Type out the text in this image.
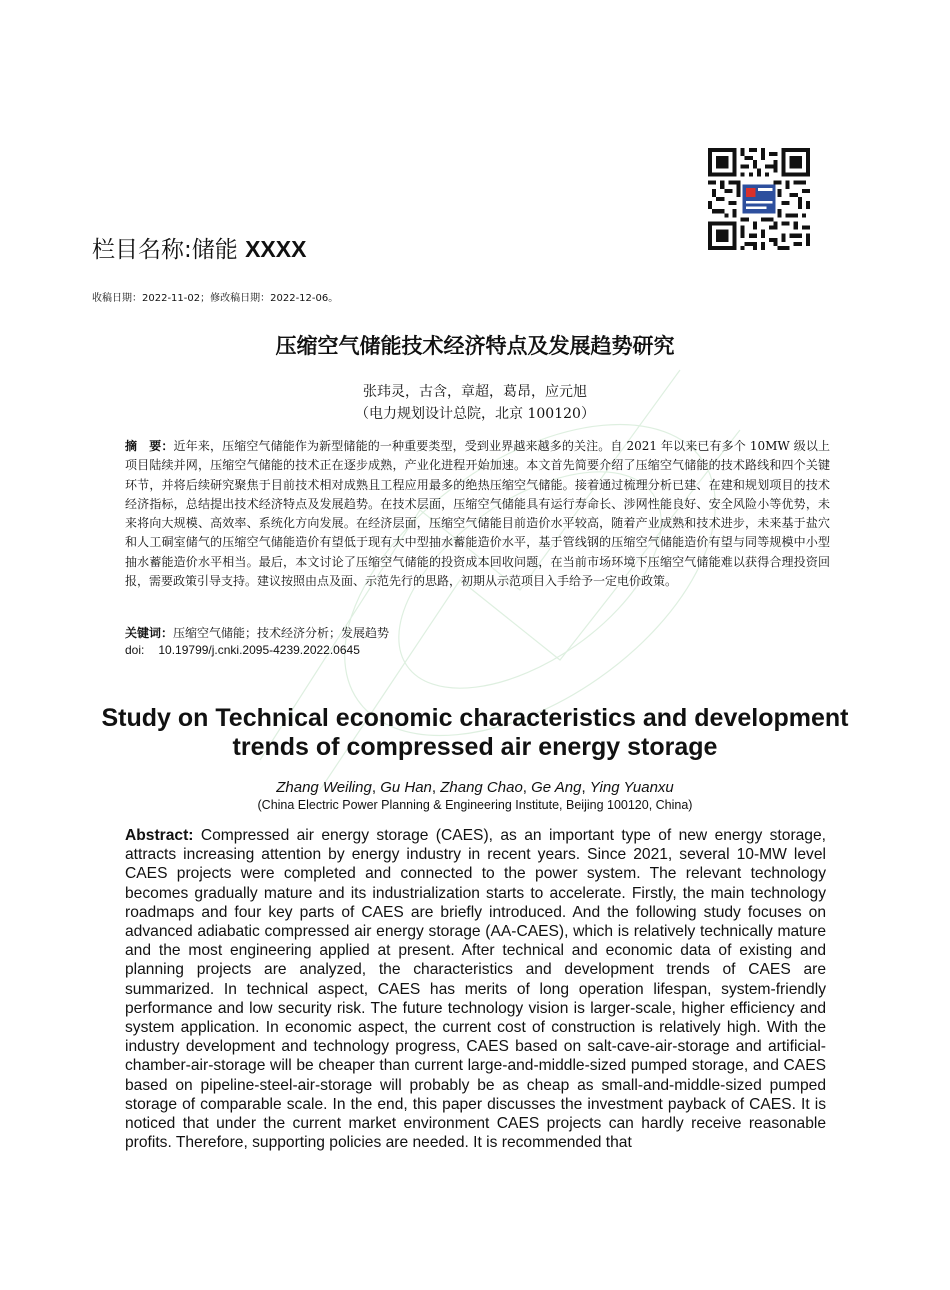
栏目名称:储能 XXXX
收稿日期：2022-11-02；修改稿日期：2022-12-06。
压缩空气储能技术经济特点及发展趋势研究
张玮灵，古含，章超，葛昂，应元旭
（电力规划设计总院，北京 100120）
摘　要：近年来，压缩空气储能作为新型储能的一种重要类型，受到业界越来越多的关注。自 2021 年以来已有多个 10MW 级以上项目陆续并网，压缩空气储能的技术正在逐步成熟，产业化进程开始加速。本文首先简要介绍了压缩空气储能的技术路线和四个关键环节，并将后续研究聚焦于目前技术相对成熟且工程应用最多的绝热压缩空气储能。接着通过梳理分析已建、在建和规划项目的技术经济指标，总结提出技术经济特点及发展趋势。在技术层面，压缩空气储能具有运行寿命长、涉网性能良好、安全风险小等优势，未来将向大规模、高效率、系统化方向发展。在经济层面，压缩空气储能目前造价水平较高，随着产业成熟和技术进步，未来基于盐穴和人工硐室储气的压缩空气储能造价有望低于现有大中型抽水蓄能造价水平，基于管线钢的压缩空气储能造价有望与同等规模中小型抽水蓄能造价水平相当。最后，本文讨论了压缩空气储能的投资成本回收问题，在当前市场环境下压缩空气储能难以获得合理投资回报，需要政策引导支持。建议按照由点及面、示范先行的思路，初期从示范项目入手给予一定电价政策。
关键词：压缩空气储能；技术经济分析；发展趋势
doi: 10.19799/j.cnki.2095-4239.2022.0645
Study on Technical economic characteristics and development trends of compressed air energy storage
Zhang Weiling, Gu Han, Zhang Chao, Ge Ang, Ying Yuanxu
(China Electric Power Planning & Engineering Institute, Beijing 100120, China)
Abstract: Compressed air energy storage (CAES), as an important type of new energy storage, attracts increasing attention by energy industry in recent years. Since 2021, several 10-MW level CAES projects were completed and connected to the power system. The relevant technology becomes gradually mature and its industrialization starts to accelerate. Firstly, the main technology roadmaps and four key parts of CAES are briefly introduced. And the following study focuses on advanced adiabatic compressed air energy storage (AA-CAES), which is relatively technically mature and the most engineering applied at present. After technical and economic data of existing and planning projects are analyzed, the characteristics and development trends of CAES are summarized. In technical aspect, CAES has merits of long operation lifespan, system-friendly performance and low security risk. The future technology vision is larger-scale, higher efficiency and system application. In economic aspect, the current cost of construction is relatively high. With the industry development and technology progress, CAES based on salt-cave-air-storage and artificial-chamber-air-storage will be cheaper than current large-and-middle-sized pumped storage, and CAES based on pipeline-steel-air-storage will probably be as cheap as small-and-middle-sized pumped storage of comparable scale. In the end, this paper discusses the investment payback of CAES. It is noticed that under the current market environment CAES projects can hardly receive reasonable profits. Therefore, supporting policies are needed. It is recommended that
